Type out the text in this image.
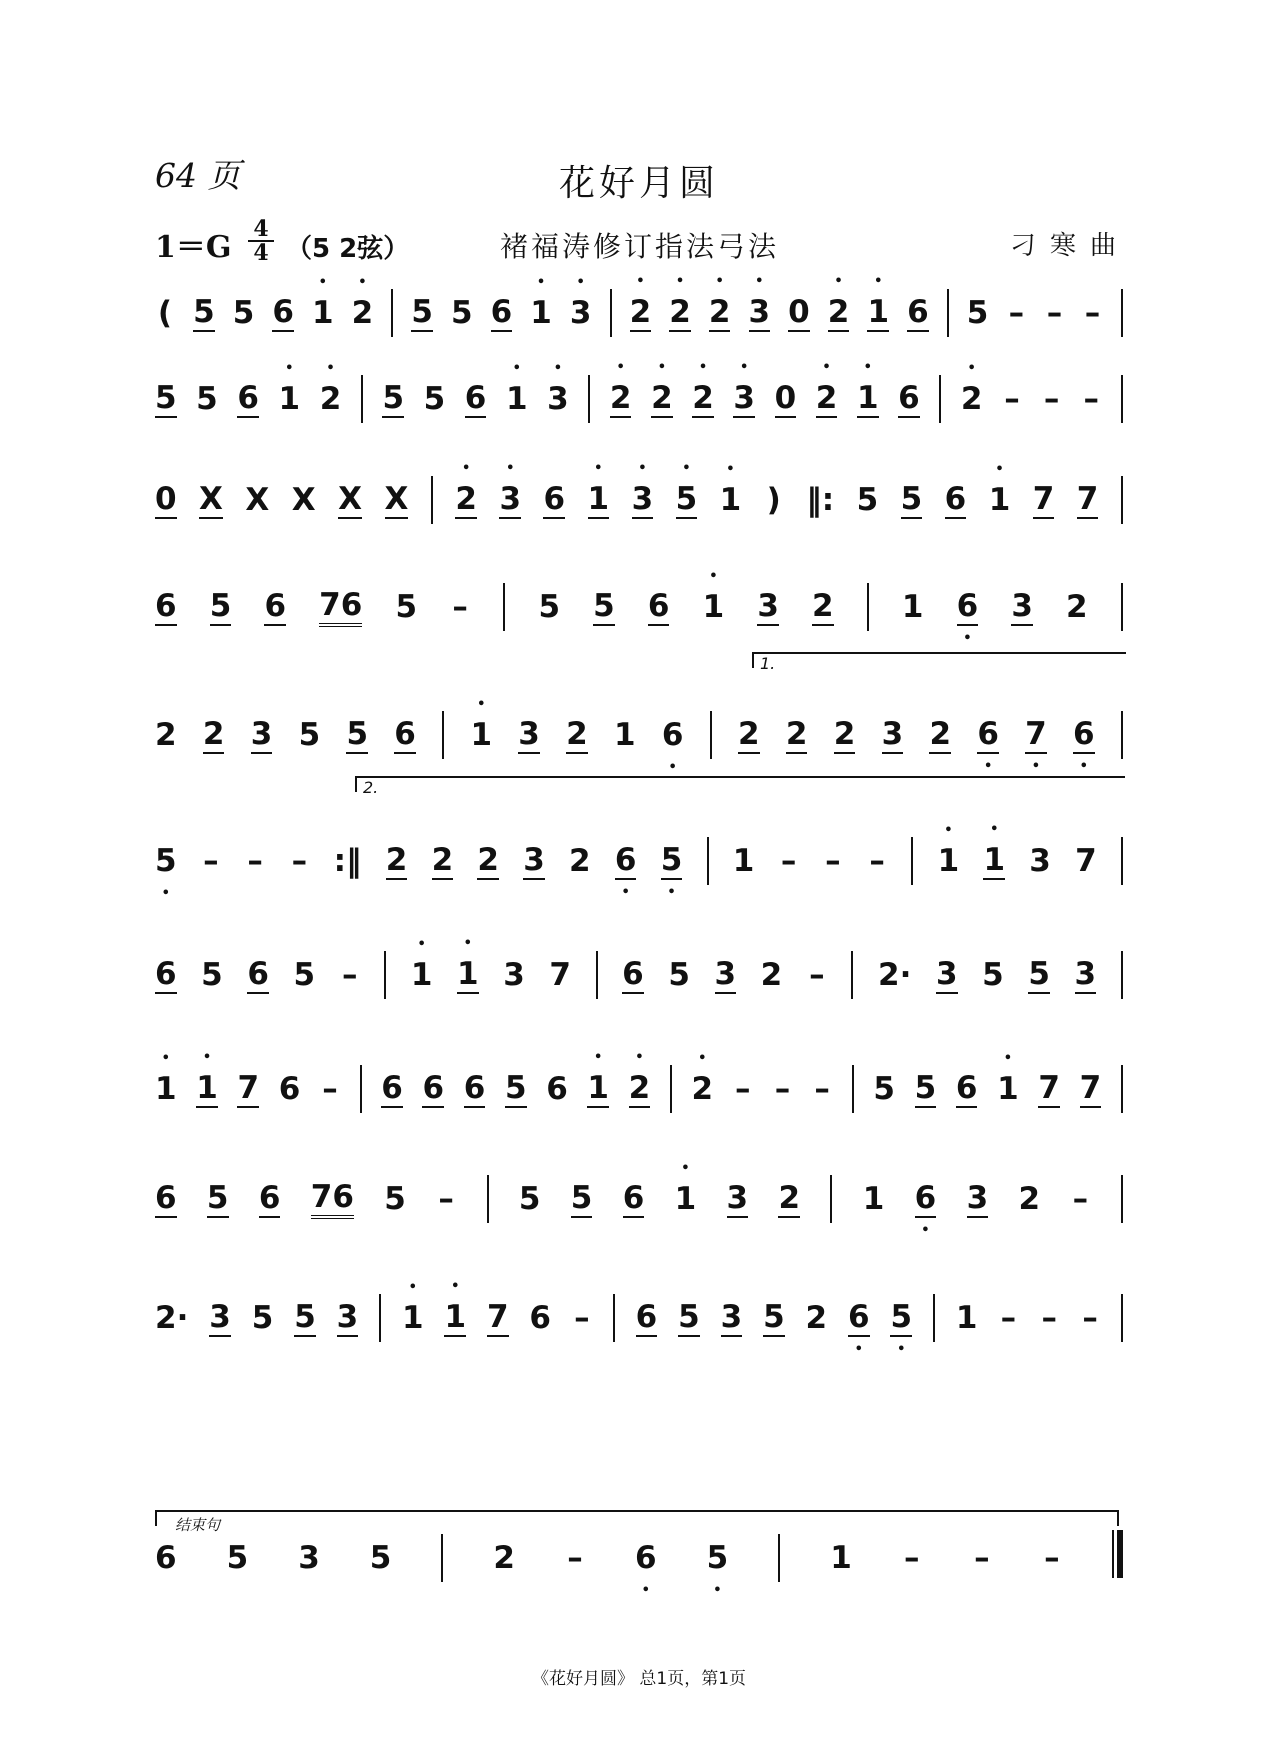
64 页	花好月圆
1＝G
4
4 （5 2弦）	褚福涛修订指法弓法	刁寒曲
( 5 5 6 • 1 • 2 5 5 6 • 1 • 3 • 2 • 2 • 2 • 3 0 • 2 • 1 6 5 – – –
5 5 6 • 1 • 2 5 5 6 • 1 • 3 • 2 • 2 • 2 • 3 0 • 2 • 1 6 • 2 – – –
0 X X X X X • 2 • 3 6 • 1 • 3 • 5 • 1 ) ‖: 5 5 6 • 1 7 7
6 5 6 76 5 – 5 5 6 • 1 3 2 1 6 • 3 2
2 2 3 5 5 6 • 1 3 2 1 6 • 2 2 2 3 2 6 • 7 • 6 •
1.
5 • – – – :‖ 2 2 2 3 2 6 • 5 • 1 – – – • 1 • 1 3 7
2.
6 5 6 5 – • 1 • 1 3 7 6 5 3 2 – 2· 3 5 5 3
• 1 • 1 7 6 – 6 6 6 5 6 • 1 • 2 • 2 – – – 5 5 6 • 1 7 7
6 5 6 76 5 – 5 5 6 • 1 3 2 1 6 • 3 2 –
2· 3 5 5 3 • 1 • 1 7 6 – 6 5 3 5 2 6 • 5 • 1 – – –
结束句
6 5 3 5	2 – 6 • 5 •	1 – – –
《花好月圆》 总1页，第1页
